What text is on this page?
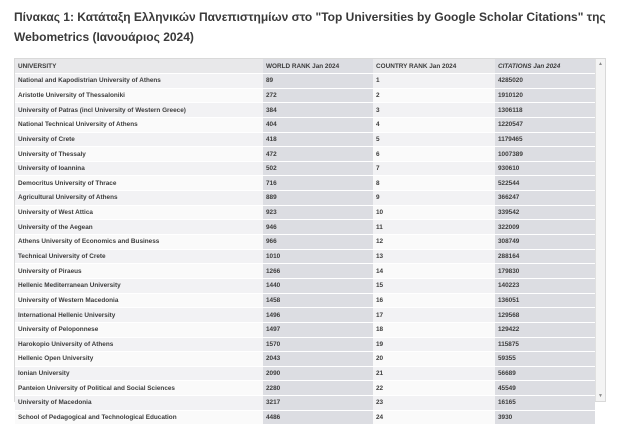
Πίνακας 1: Κατάταξη Ελληνικών Πανεπιστημίων στο "Top Universities by Google Scholar Citations" της Webometrics (Ιανουάριος 2024)
UNIVERSITY	WORLD RANK Jan 2024	COUNTRY RANK Jan 2024	CITATIONS Jan 2024
National and Kapodistrian University of Athens	89	1	4285020
Aristotle University of Thessaloniki	272	2	1910120
University of Patras (incl University of Western Greece)	384	3	1306118
National Technical University of Athens	404	4	1220547
University of Crete	418	5	1179465
University of Thessaly	472	6	1007389
University of Ioannina	502	7	930610
Democritus University of Thrace	716	8	522544
Agricultural University of Athens	889	9	366247
University of West Attica	923	10	339542
University of the Aegean	946	11	322009
Athens University of Economics and Business	966	12	308749
Technical University of Crete	1010	13	288164
University of Piraeus	1266	14	179830
Hellenic Mediterranean University	1440	15	140223
University of Western Macedonia	1458	16	136051
International Hellenic University	1496	17	129568
University of Peloponnese	1497	18	129422
Harokopio University of Athens	1570	19	115875
Hellenic Open University	2043	20	59355
Ionian University	2090	21	56689
Panteion University of Political and Social Sciences	2280	22	45549
University of Macedonia	3217	23	16165
School of Pedagogical and Technological Education	4486	24	3930
▲
▼
